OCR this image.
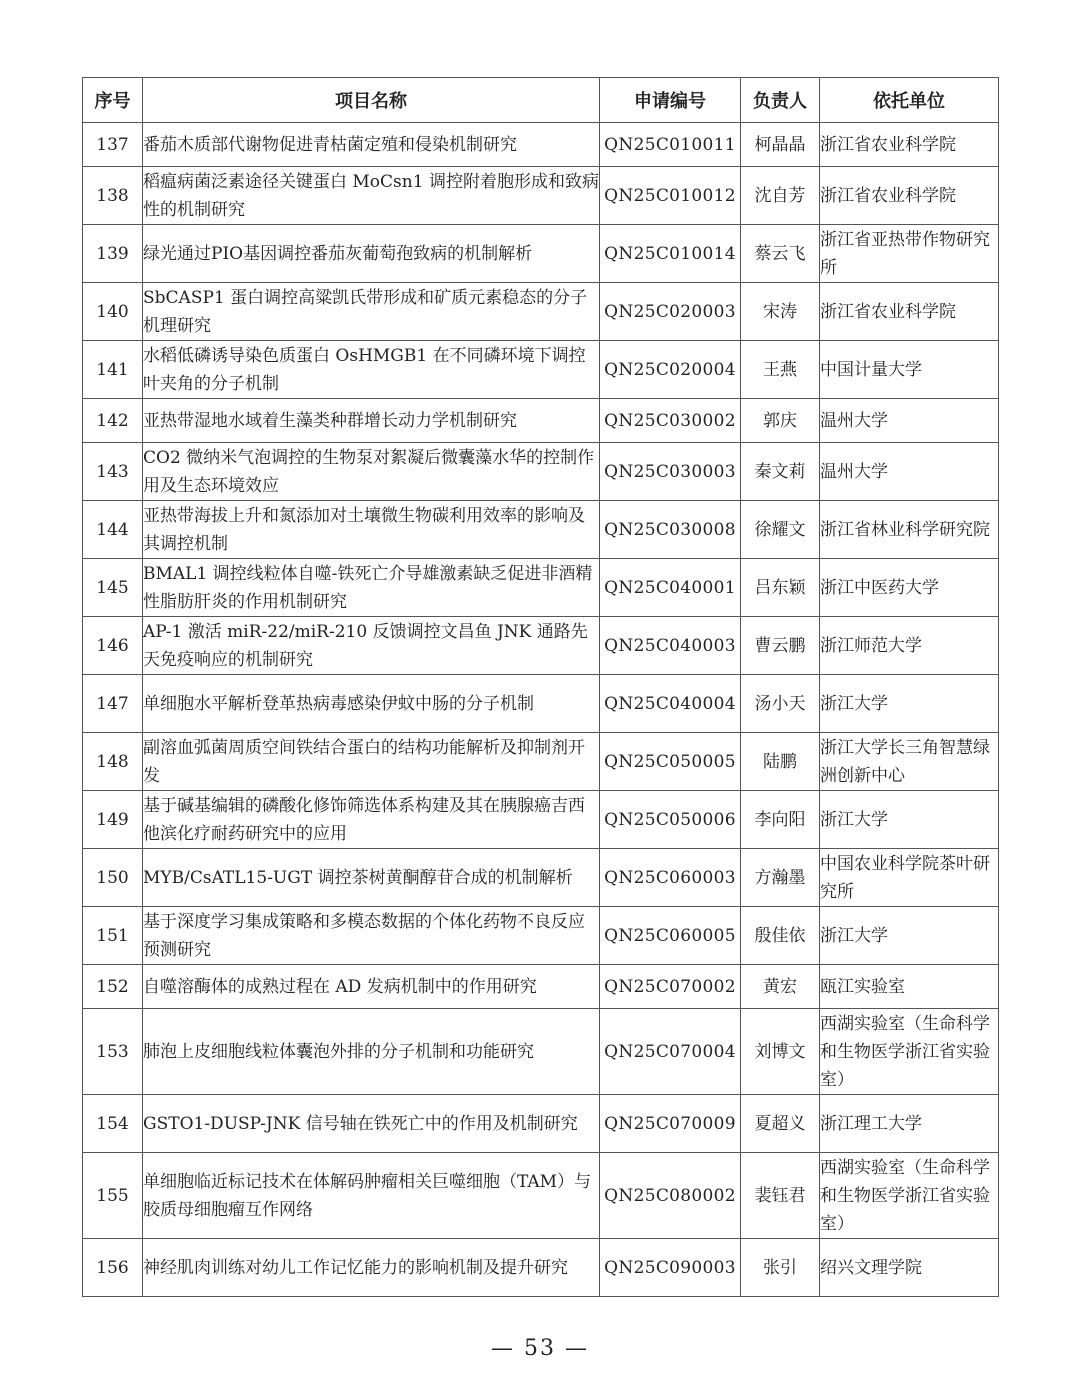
序号	项目名称	申请编号	负责人	依托单位
137	番茄木质部代谢物促进青枯菌定殖和侵染机制研究	QN25C010011	柯晶晶	浙江省农业科学院
138	稻瘟病菌泛素途径关键蛋白 MoCsn1 调控附着胞形成和致病性的机制研究	QN25C010012	沈自芳	浙江省农业科学院
139	绿光通过PIO基因调控番茄灰葡萄孢致病的机制解析	QN25C010014	蔡云飞	浙江省亚热带作物研究所
140	SbCASP1 蛋白调控高粱凯氏带形成和矿质元素稳态的分子机理研究	QN25C020003	宋涛	浙江省农业科学院
141	水稻低磷诱导染色质蛋白 OsHMGB1 在不同磷环境下调控叶夹角的分子机制	QN25C020004	王燕	中国计量大学
142	亚热带湿地水域着生藻类种群增长动力学机制研究	QN25C030002	郭庆	温州大学
143	CO2 微纳米气泡调控的生物泵对絮凝后微囊藻水华的控制作用及生态环境效应	QN25C030003	秦文莉	温州大学
144	亚热带海拔上升和氮添加对土壤微生物碳利用效率的影响及其调控机制	QN25C030008	徐耀文	浙江省林业科学研究院
145	BMAL1 调控线粒体自噬-铁死亡介导雄激素缺乏促进非酒精性脂肪肝炎的作用机制研究	QN25C040001	吕东颖	浙江中医药大学
146	AP-1 激活 miR-22/miR-210 反馈调控文昌鱼 JNK 通路先天免疫响应的机制研究	QN25C040003	曹云鹏	浙江师范大学
147	单细胞水平解析登革热病毒感染伊蚊中肠的分子机制	QN25C040004	汤小天	浙江大学
148	副溶血弧菌周质空间铁结合蛋白的结构功能解析及抑制剂开发	QN25C050005	陆鹏	浙江大学长三角智慧绿洲创新中心
149	基于碱基编辑的磷酸化修饰筛选体系构建及其在胰腺癌吉西他滨化疗耐药研究中的应用	QN25C050006	李向阳	浙江大学
150	MYB/CsATL15-UGT 调控茶树黄酮醇苷合成的机制解析	QN25C060003	方瀚墨	中国农业科学院茶叶研究所
151	基于深度学习集成策略和多模态数据的个体化药物不良反应预测研究	QN25C060005	殷佳依	浙江大学
152	自噬溶酶体的成熟过程在 AD 发病机制中的作用研究	QN25C070002	黄宏	瓯江实验室
153	肺泡上皮细胞线粒体囊泡外排的分子机制和功能研究	QN25C070004	刘博文	西湖实验室（生命科学和生物医学浙江省实验室）
154	GSTO1-DUSP-JNK 信号轴在铁死亡中的作用及机制研究	QN25C070009	夏超义	浙江理工大学
155	单细胞临近标记技术在体解码肿瘤相关巨噬细胞（TAM）与胶质母细胞瘤互作网络	QN25C080002	裴钰君	西湖实验室（生命科学和生物医学浙江省实验室）
156	神经肌肉训练对幼儿工作记忆能力的影响机制及提升研究	QN25C090003	张引	绍兴文理学院
— 53 —
